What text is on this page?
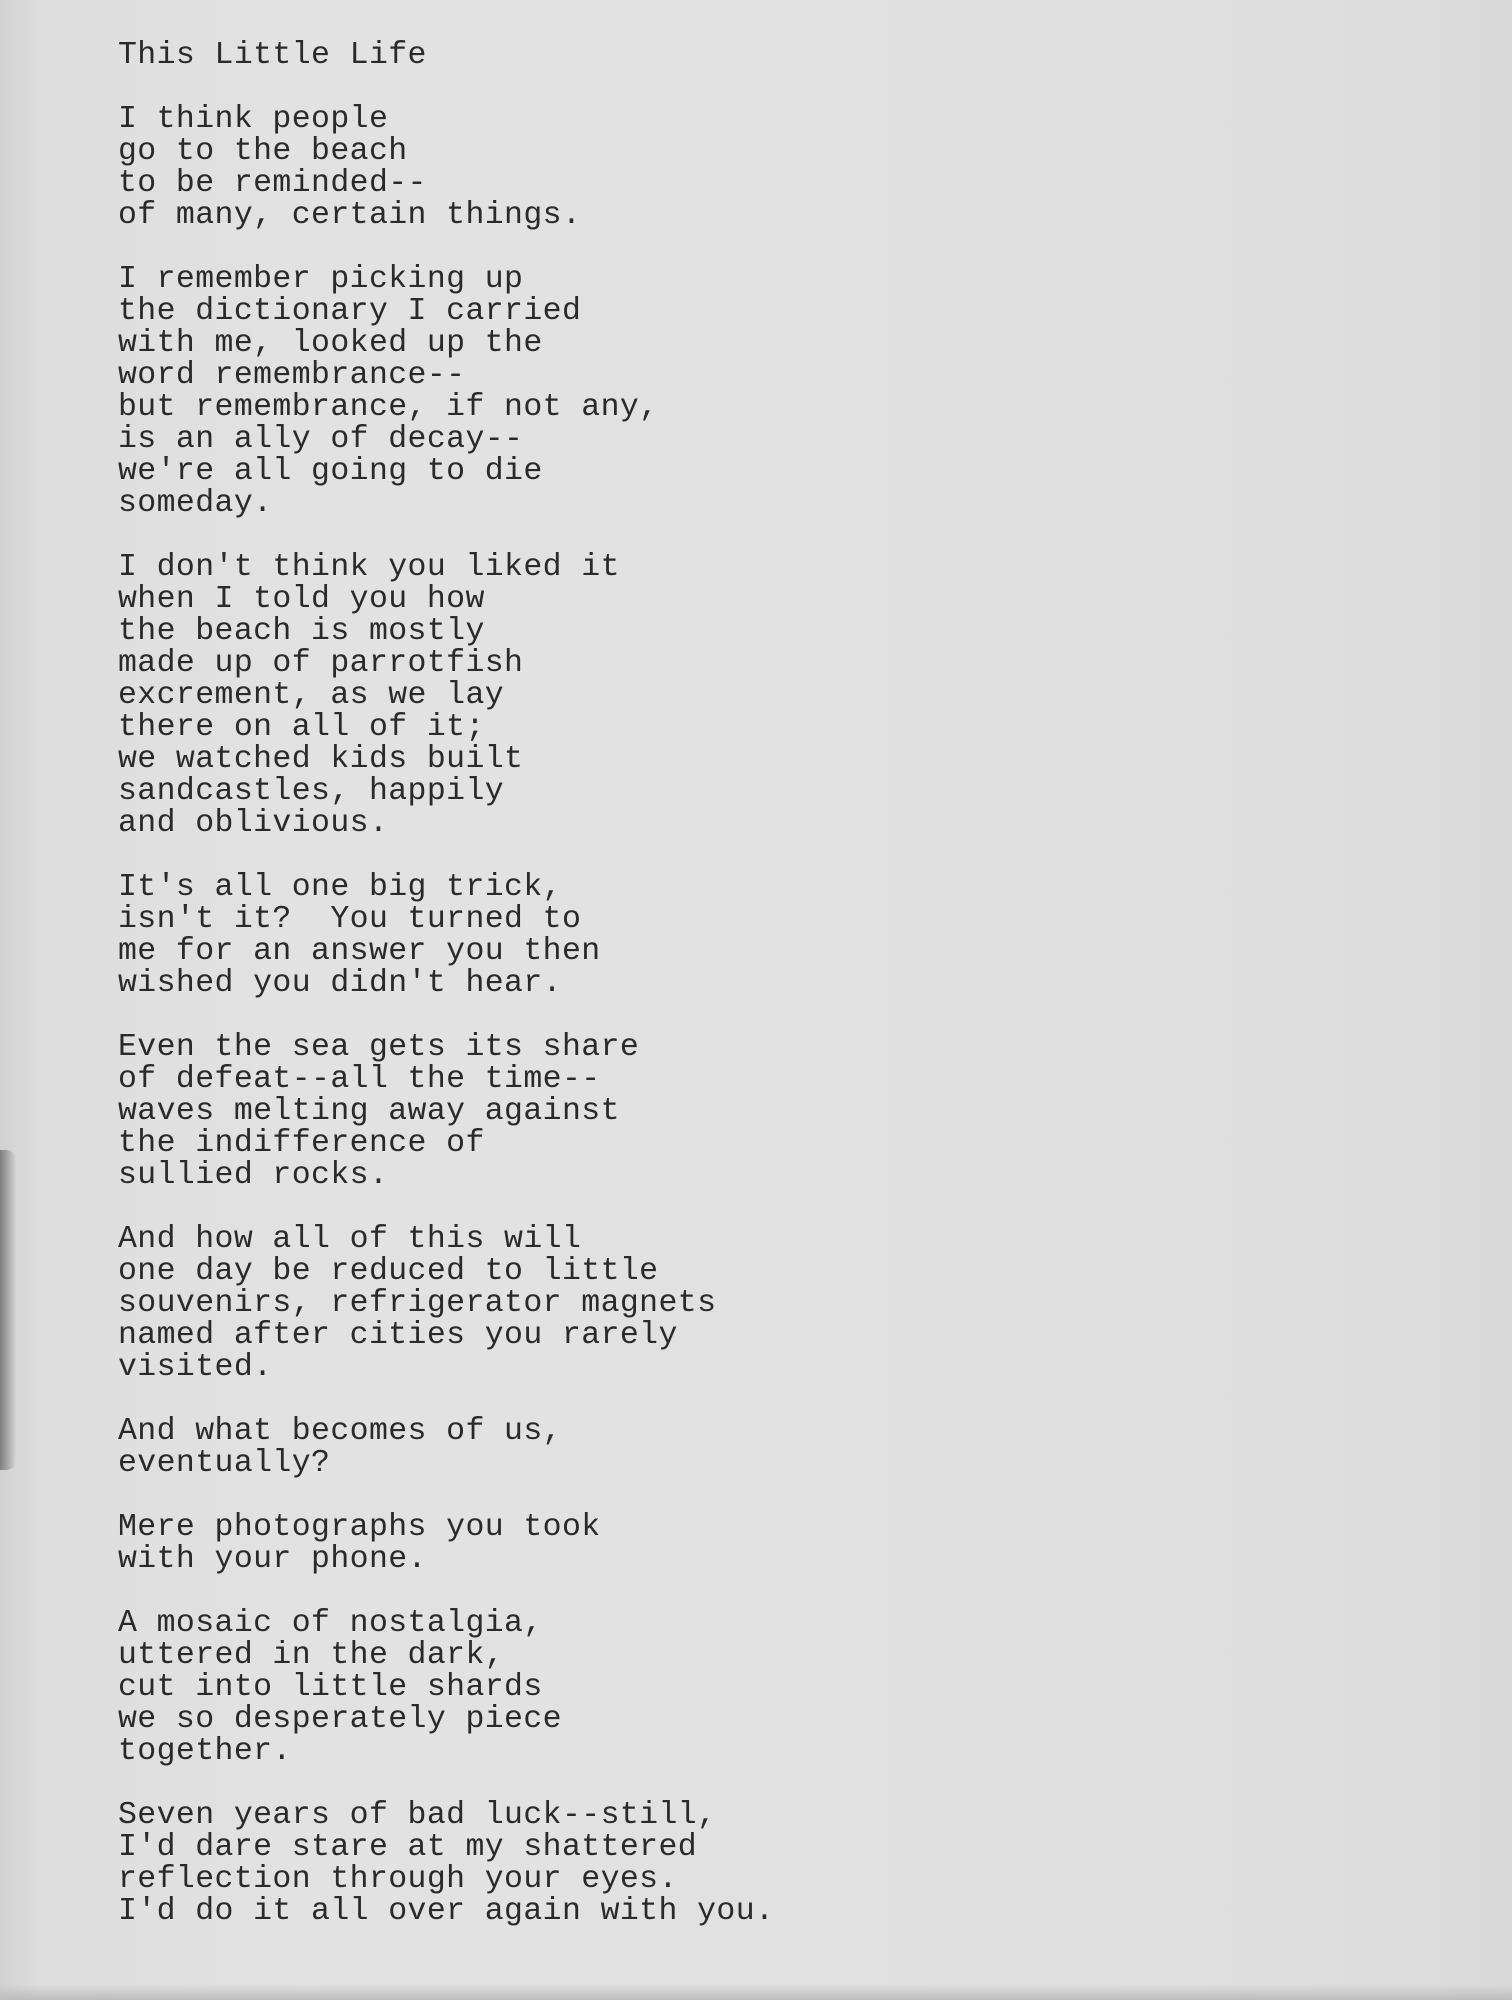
This Little Life
I think people
go to the beach
to be reminded--
of many, certain things.
I remember picking up
the dictionary I carried
with me, looked up the
word remembrance--
but remembrance, if not any,
is an ally of decay--
we're all going to die
someday.
I don't think you liked it
when I told you how
the beach is mostly
made up of parrotfish
excrement, as we lay
there on all of it;
we watched kids built
sandcastles, happily
and oblivious.
It's all one big trick,
isn't it?  You turned to
me for an answer you then
wished you didn't hear.
Even the sea gets its share
of defeat--all the time--
waves melting away against
the indifference of
sullied rocks.
And how all of this will
one day be reduced to little
souvenirs, refrigerator magnets
named after cities you rarely
visited.
And what becomes of us,
eventually?
Mere photographs you took
with your phone.
A mosaic of nostalgia,
uttered in the dark,
cut into little shards
we so desperately piece
together.
Seven years of bad luck--still,
I'd dare stare at my shattered
reflection through your eyes.
I'd do it all over again with you.
